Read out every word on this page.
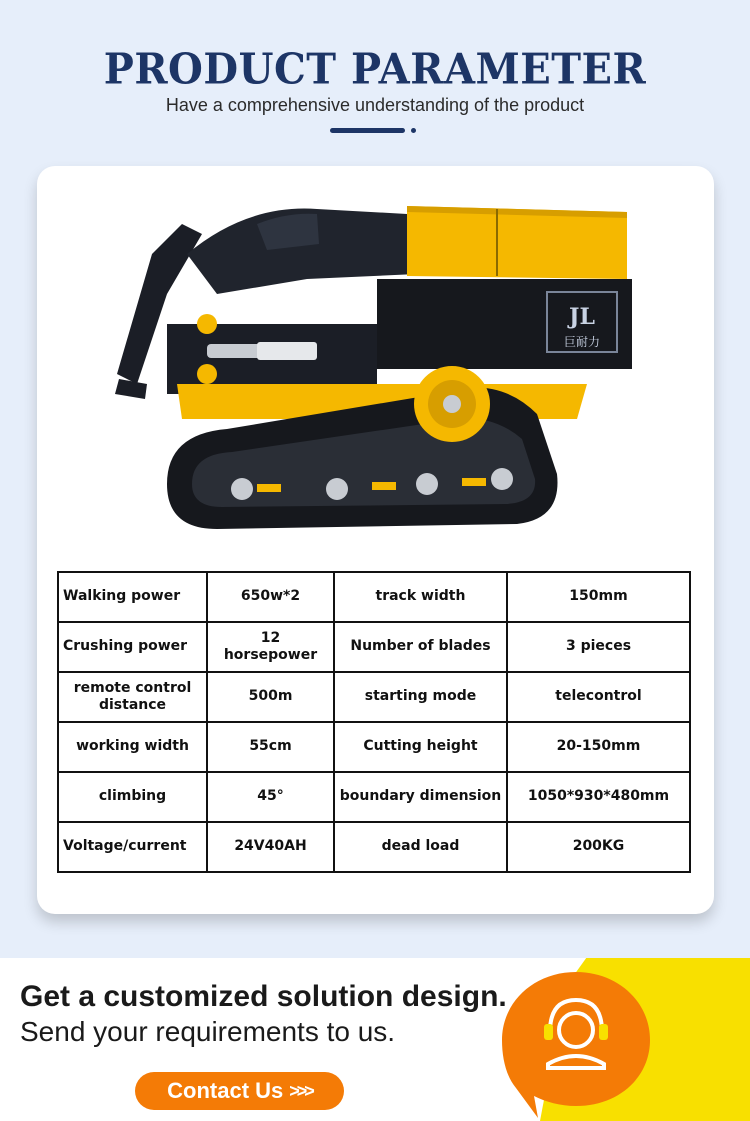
PRODUCT PARAMETER
Have a comprehensive understanding of the product
JL
巨耐力
Walking power	650w*2	track width	150mm
Crushing power	12 horsepower	Number of blades	3 pieces
remote control distance	500m	starting mode	telecontrol
working width	55cm	Cutting height	20-150mm
climbing	45°	boundary dimension	1050*930*480mm
Voltage/current	24V40AH	dead load	200KG
Get a customized solution design.
Send your requirements to us.
Contact Us >>>
